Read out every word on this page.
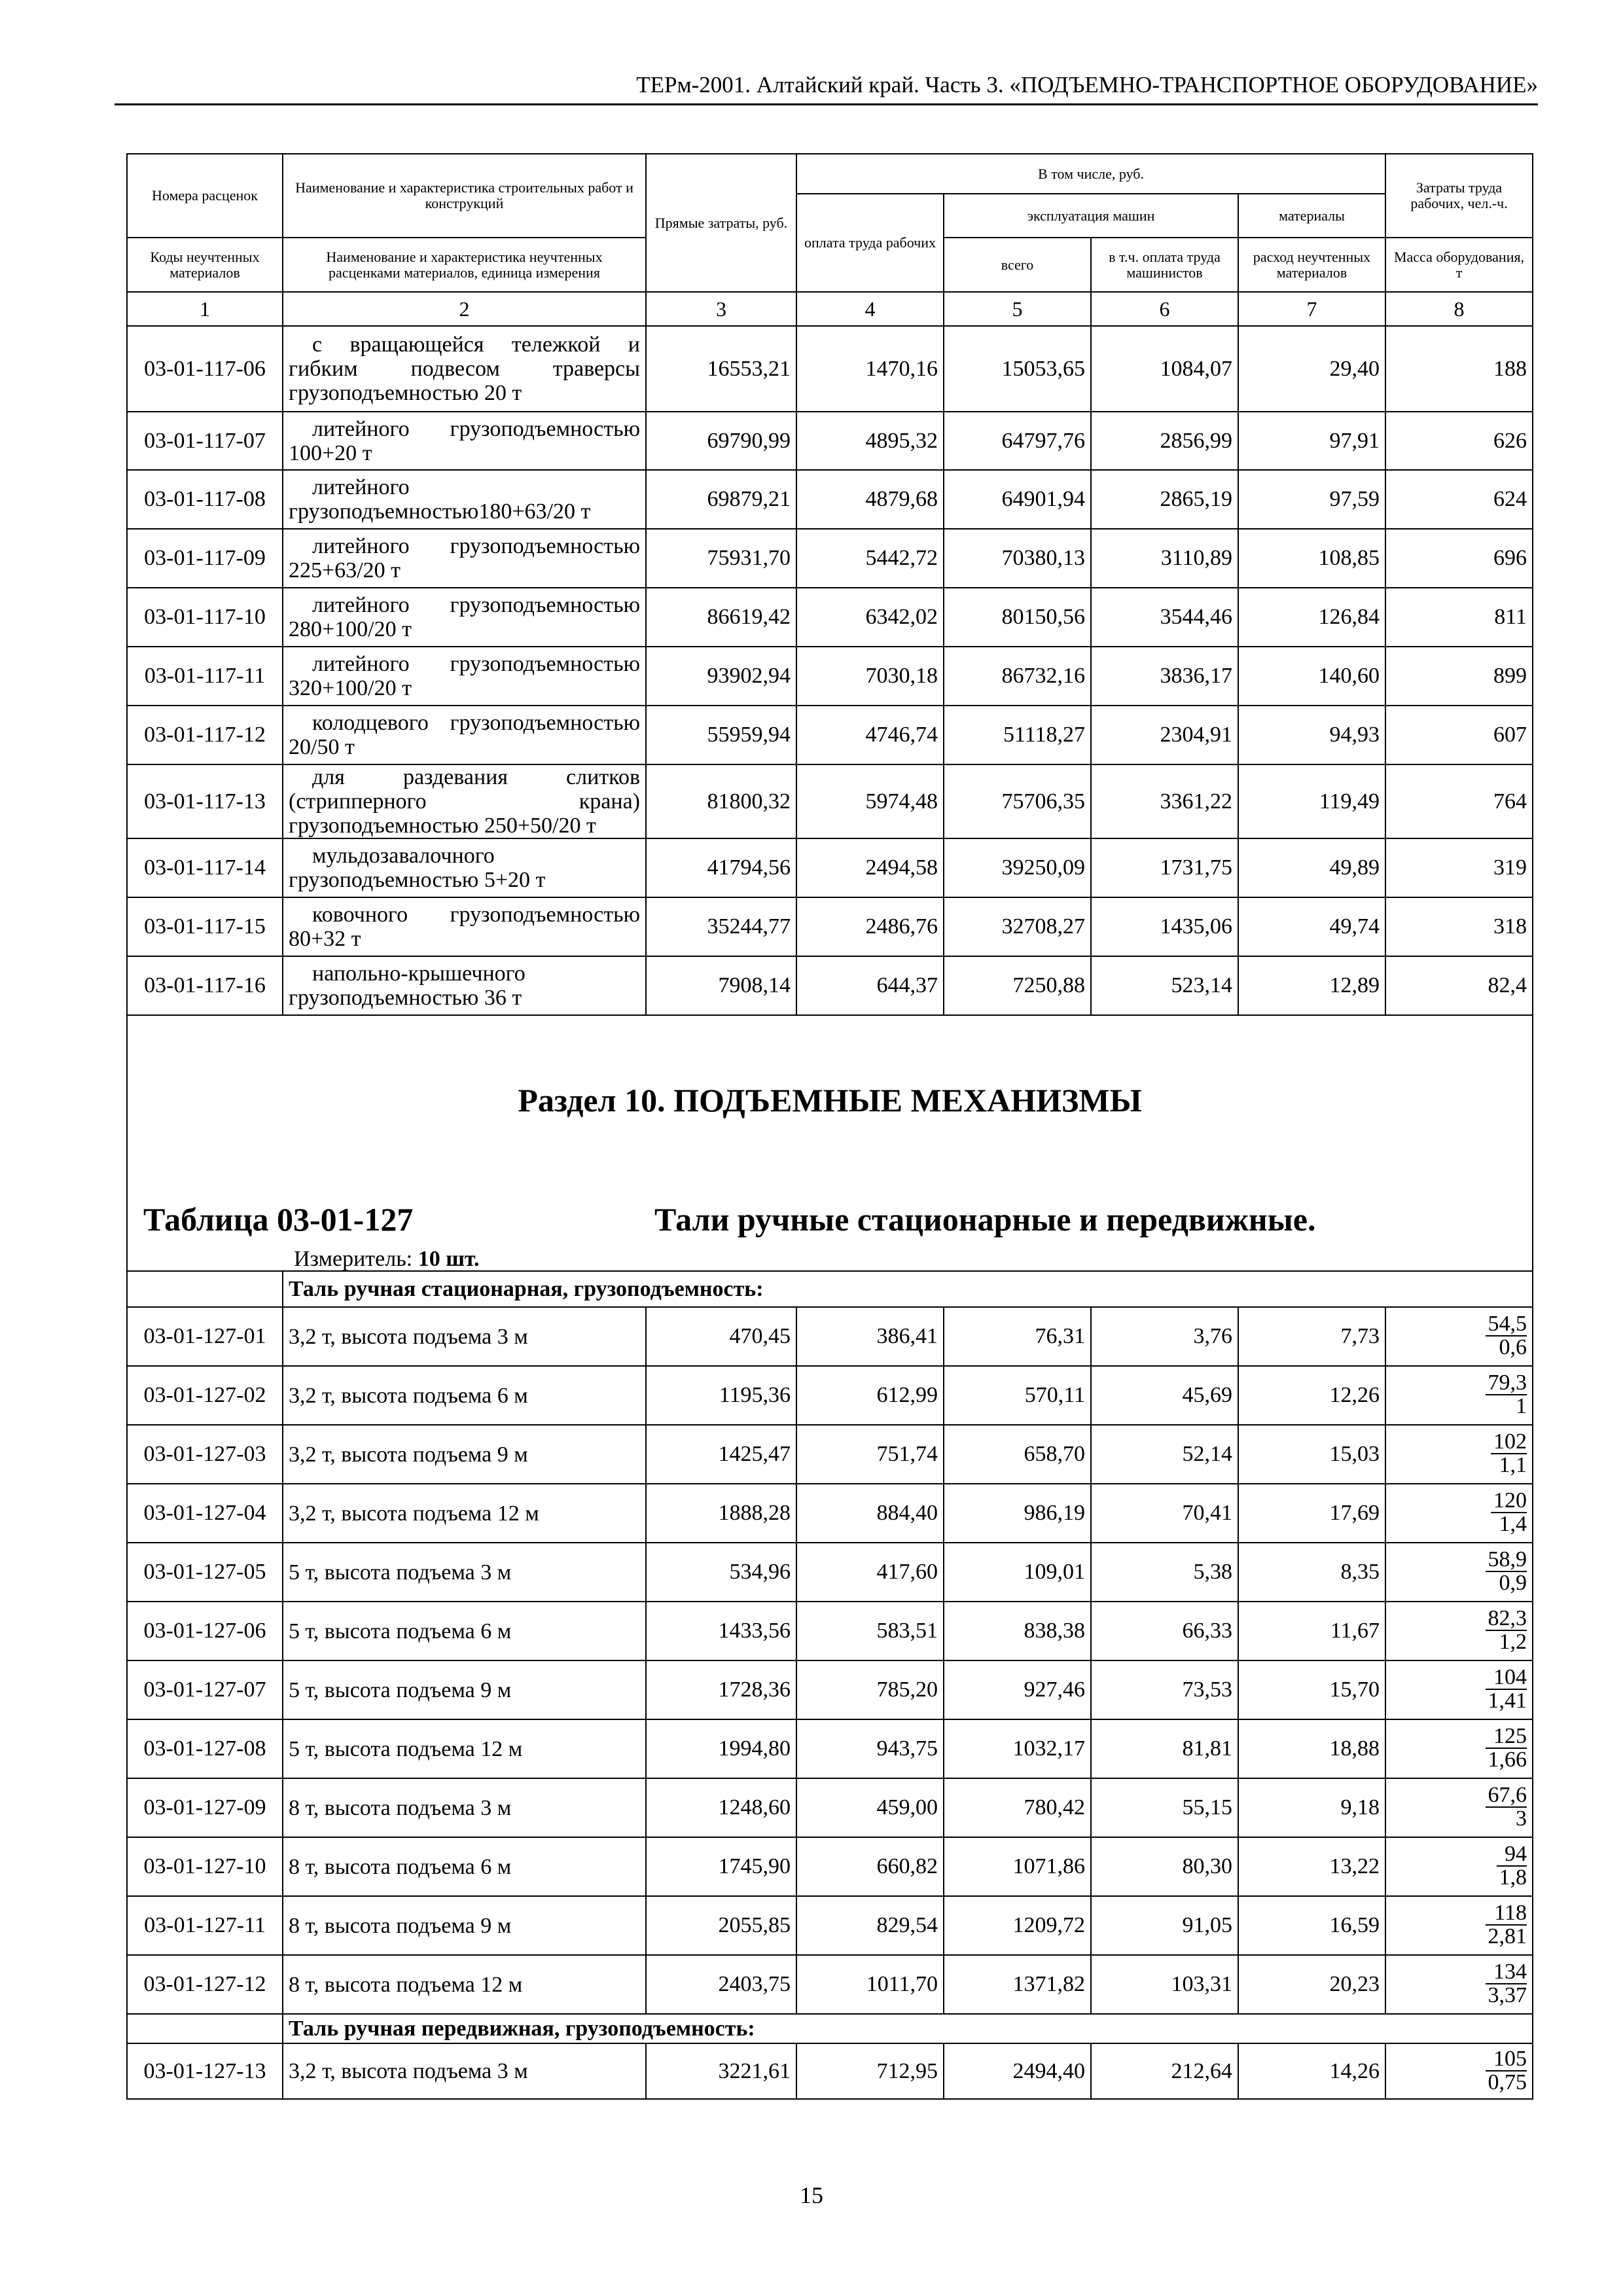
ТЕРм-2001. Алтайский край. Часть 3. «ПОДЪЕМНО-ТРАНСПОРТНОЕ ОБОРУДОВАНИЕ»
Номера расценок	Наименование и характеристика строительных работ и конструкций	Прямые затраты, руб.	В том числе, руб.				Затраты труда рабочих, чел.-ч.
			оплата труда рабочих	эксплуатация машин		материалы	
Коды неучтенных материалов	Наименование и характеристика неучтенных расценками материалов, единица измерения			всего	в т.ч. оплата труда машинистов	расход неучтенных материалов	Масса оборудования, т
1	2	3	4	5	6	7	8
03-01-117-06	с вращающейся тележкой и гибким подвесом траверсы грузоподъемностью 20 т	16553,21	1470,16	15053,65	1084,07	29,40	188
03-01-117-07	литейного грузоподъемностью 100+20 т	69790,99	4895,32	64797,76	2856,99	97,91	626
03-01-117-08	литейного грузоподъемностью180+63/20 т	69879,21	4879,68	64901,94	2865,19	97,59	624
03-01-117-09	литейного грузоподъемностью 225+63/20 т	75931,70	5442,72	70380,13	3110,89	108,85	696
03-01-117-10	литейного грузоподъемностью 280+100/20 т	86619,42	6342,02	80150,56	3544,46	126,84	811
03-01-117-11	литейного грузоподъемностью 320+100/20 т	93902,94	7030,18	86732,16	3836,17	140,60	899
03-01-117-12	колодцевого грузоподъемностью 20/50 т	55959,94	4746,74	51118,27	2304,91	94,93	607
03-01-117-13	для раздевания слитков (стрипперного крана) грузоподъемностью 250+50/20 т	81800,32	5974,48	75706,35	3361,22	119,49	764
03-01-117-14	мульдозавалочного грузоподъемностью 5+20 т	41794,56	2494,58	39250,09	1731,75	49,89	319
03-01-117-15	ковочного грузоподъемностью 80+32 т	35244,77	2486,76	32708,27	1435,06	49,74	318
03-01-117-16	напольно-крышечного грузоподъемностью 36 т	7908,14	644,37	7250,88	523,14	12,89	82,4

Раздел 10. ПОДЪЕМНЫЕ МЕХАНИЗМЫ
Таблица 03-01-127 Тали ручные стационарные и передвижные.
Измеритель: 10 шт.							

	Таль ручная стационарная, грузоподъемность:						
03-01-127-01	3,2 т, высота подъема 3 м	470,45	386,41	76,31	3,76	7,73	$\frac{54,5}{0,6}$

03-01-127-02	3,2 т, высота подъема 6 м	1195,36	612,99	570,11	45,69	12,26	$\frac{79,3}{1}$

03-01-127-03	3,2 т, высота подъема 9 м	1425,47	751,74	658,70	52,14	15,03	$\frac{102}{1,1}$

03-01-127-04	3,2 т, высота подъема 12 м	1888,28	884,40	986,19	70,41	17,69	$\frac{120}{1,4}$

03-01-127-05	5 т, высота подъема 3 м	534,96	417,60	109,01	5,38	8,35	$\frac{58,9}{0,9}$

03-01-127-06	5 т, высота подъема 6 м	1433,56	583,51	838,38	66,33	11,67	$\frac{82,3}{1,2}$

03-01-127-07	5 т, высота подъема 9 м	1728,36	785,20	927,46	73,53	15,70	$\frac{104}{1,41}$

03-01-127-08	5 т, высота подъема 12 м	1994,80	943,75	1032,17	81,81	18,88	$\frac{125}{1,66}$

03-01-127-09	8 т, высота подъема 3 м	1248,60	459,00	780,42	55,15	9,18	$\frac{67,6}{3}$

03-01-127-10	8 т, высота подъема 6 м	1745,90	660,82	1071,86	80,30	13,22	$\frac{94}{1,8}$

03-01-127-11	8 т, высота подъема 9 м	2055,85	829,54	1209,72	91,05	16,59	$\frac{118}{2,81}$

03-01-127-12	8 т, высота подъема 12 м	2403,75	1011,70	1371,82	103,31	20,23	$\frac{134}{3,37}$

	Таль ручная передвижная, грузоподъемность:						
03-01-127-13	3,2 т, высота подъема 3 м	3221,61	712,95	2494,40	212,64	14,26	$\frac{105}{0,75}$
15
